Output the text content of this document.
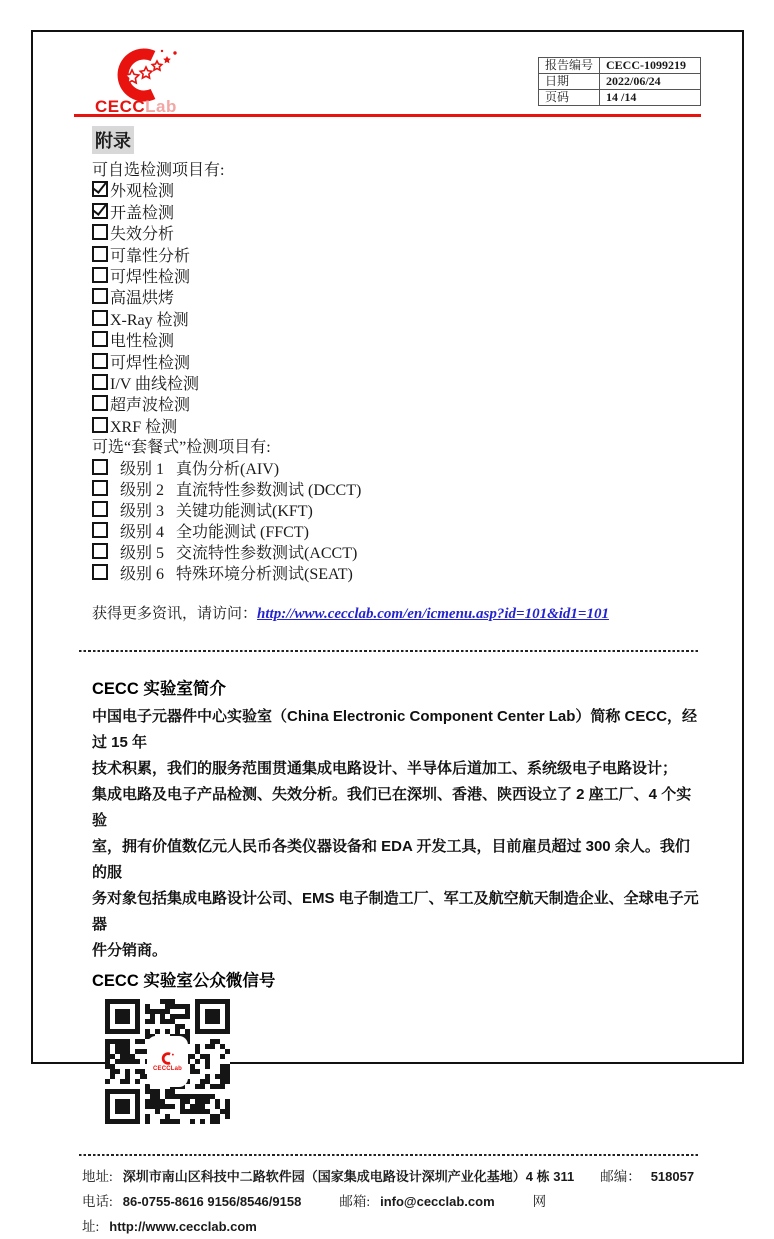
CECCLab
报告编号	CECC-1099219
日期	2022/06/24
页码	14 /14
附录
可自选检测项目有:
外观检测
开盖检测
失效分析
可靠性分析
可焊性检测
高温烘烤
X-Ray 检测
电性检测
可焊性检测
I/V 曲线检测
超声波检测
XRF 检测
可选“套餐式”检测项目有:
级别 1 真伪分析(AIV)
级别 2 直流特性参数测试 (DCCT)
级别 3 关键功能测试(KFT)
级别 4 全功能测试 (FFCT)
级别 5 交流特性参数测试(ACCT)
级别 6 特殊环境分析测试(SEAT)
获得更多资讯，请访问：http://www.cecclab.com/en/icmenu.asp?id=101&id1=101
CECC 实验室简介
中国电子元器件中心实验室（China Electronic Component Center Lab）简称 CECC，经过 15 年
技术积累，我们的服务范围贯通集成电路设计、半导体后道加工、系统级电子电路设计；
集成电路及电子产品检测、失效分析。我们已在深圳、香港、陕西设立了 2 座工厂、4 个实验
室，拥有价值数亿元人民币各类仪器设备和 EDA 开发工具，目前雇员超过 300 余人。我们的服
务对象包括集成电路设计公司、EMS 电子制造工厂、军工及航空航天制造企业、全球电子元器
件分销商。
CECC 实验室公众微信号
CECCLab
地址: 深圳市南山区科技中二路软件园（国家集成电路设计深圳产业化基地）4 栋 311 邮编： 518057
电话: 86-0755-8616 9156/8546/9158	邮箱: info@cecclab.com	网址: http://www.cecclab.com
